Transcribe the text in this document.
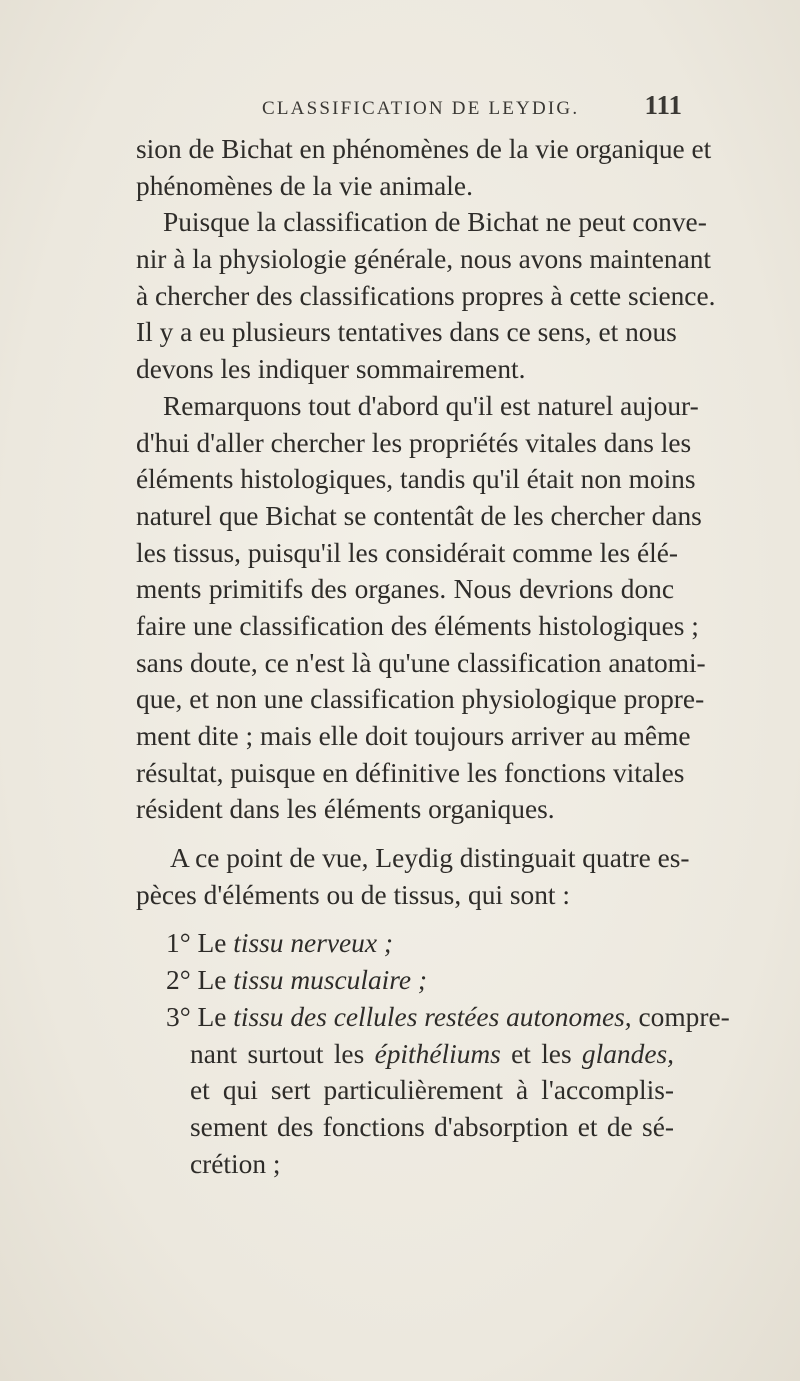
CLASSIFICATION DE LEYDIG. 111
sion de Bichat en phénomènes de la vie organique et
phénomènes de la vie animale.
Puisque la classification de Bichat ne peut conve-
nir à la physiologie générale, nous avons maintenant
à chercher des classifications propres à cette science.
Il y a eu plusieurs tentatives dans ce sens, et nous
devons les indiquer sommairement.
Remarquons tout d'abord qu'il est naturel aujour-
d'hui d'aller chercher les propriétés vitales dans les
éléments histologiques, tandis qu'il était non moins
naturel que Bichat se contentât de les chercher dans
les tissus, puisqu'il les considérait comme les élé-
ments primitifs des organes. Nous devrions donc
faire une classification des éléments histologiques ;
sans doute, ce n'est là qu'une classification anatomi-
que, et non une classification physiologique propre-
ment dite ; mais elle doit toujours arriver au même
résultat, puisque en définitive les fonctions vitales
résident dans les éléments organiques.
A ce point de vue, Leydig distinguait quatre es-
pèces d'éléments ou de tissus, qui sont :
1° Le tissu nerveux ;
2° Le tissu musculaire ;
3° Le tissu des cellules restées autonomes, compre-
nant surtout les épithéliums et les glandes,
et qui sert particulièrement à l'accomplis-
sement des fonctions d'absorption et de sé-
crétion ;
